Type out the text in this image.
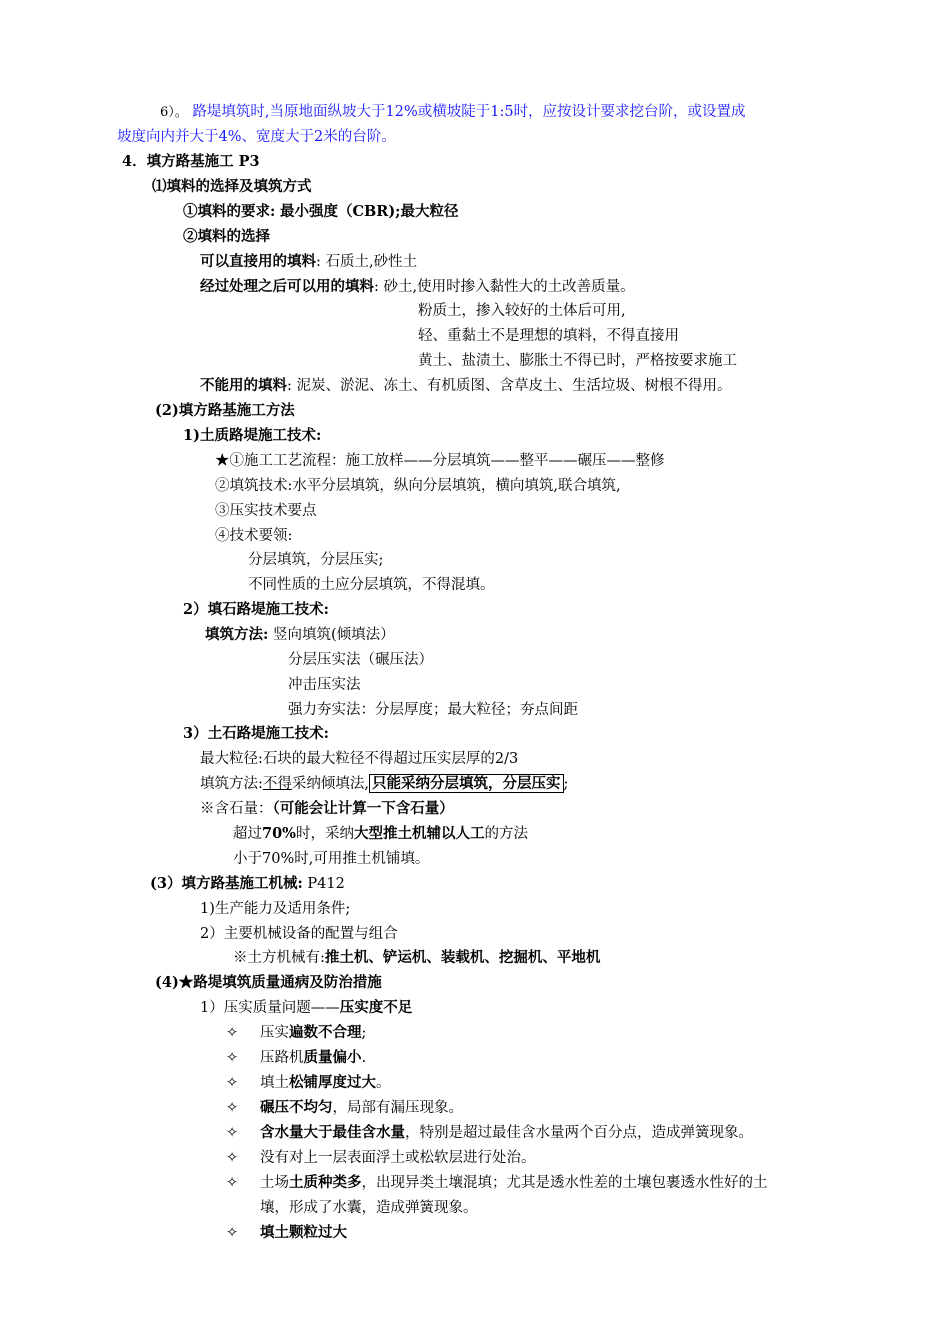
6）。 路堤填筑时,当原地面纵坡大于12%或横坡陡于1:5时，应按设计要求挖台阶，或设置成
坡度向内并大于4%、宽度大于2米的台阶。
4．填方路基施工 P3
⑴填料的选择及填筑方式
①填料的要求: 最小强度（CBR);最大粒径
②填料的选择
可以直接用的填料: 石质土,砂性土
经过处理之后可以用的填料: 砂土,使用时掺入黏性大的土改善质量。
粉质土，掺入较好的土体后可用,
轻、重黏土不是理想的填料，不得直接用
黄土、盐渍土、膨胀土不得已时，严格按要求施工
不能用的填料: 泥炭、淤泥、冻土、有机质图、含草皮土、生活垃圾、树根不得用。
(2)填方路基施工方法
1)土质路堤施工技术:
★①施工工艺流程：施工放样——分层填筑——整平——碾压——整修
②填筑技术:水平分层填筑，纵向分层填筑，横向填筑,联合填筑,
③压实技术要点
④技术要领:
分层填筑，分层压实;
不同性质的土应分层填筑，不得混填。
2）填石路堤施工技术:
填筑方法: 竖向填筑(倾填法）
分层压实法（碾压法）
冲击压实法
强力夯实法：分层厚度；最大粒径；夯点间距
3）土石路堤施工技术:
最大粒径:石块的最大粒径不得超过压实层厚的2/3
填筑方法:不得采纳倾填法, 只能采纳分层填筑，分层压实 ;
※含石量：（可能会让计算一下含石量）
超过70%时，采纳大型推土机辅以人工的方法
小于70%时,可用推土机铺填。
(3）填方路基施工机械: P412
1)生产能力及适用条件;
2）主要机械设备的配置与组合
※土方机械有:推土机、铲运机、装载机、挖掘机、平地机
(4)★路堤填筑质量通病及防治措施
1）压实质量问题——压实度不足
✧ 压实遍数不合理;
✧ 压路机质量偏小.
✧ 填土松铺厚度过大。
✧ 碾压不均匀，局部有漏压现象。
✧ 含水量大于最佳含水量，特别是超过最佳含水量两个百分点，造成弹簧现象。
✧ 没有对上一层表面浮土或松软层进行处治。
✧ 土场土质种类多，出现异类土壤混填；尤其是透水性差的土壤包裹透水性好的土
壤，形成了水囊，造成弹簧现象。
✧ 填土颗粒过大
